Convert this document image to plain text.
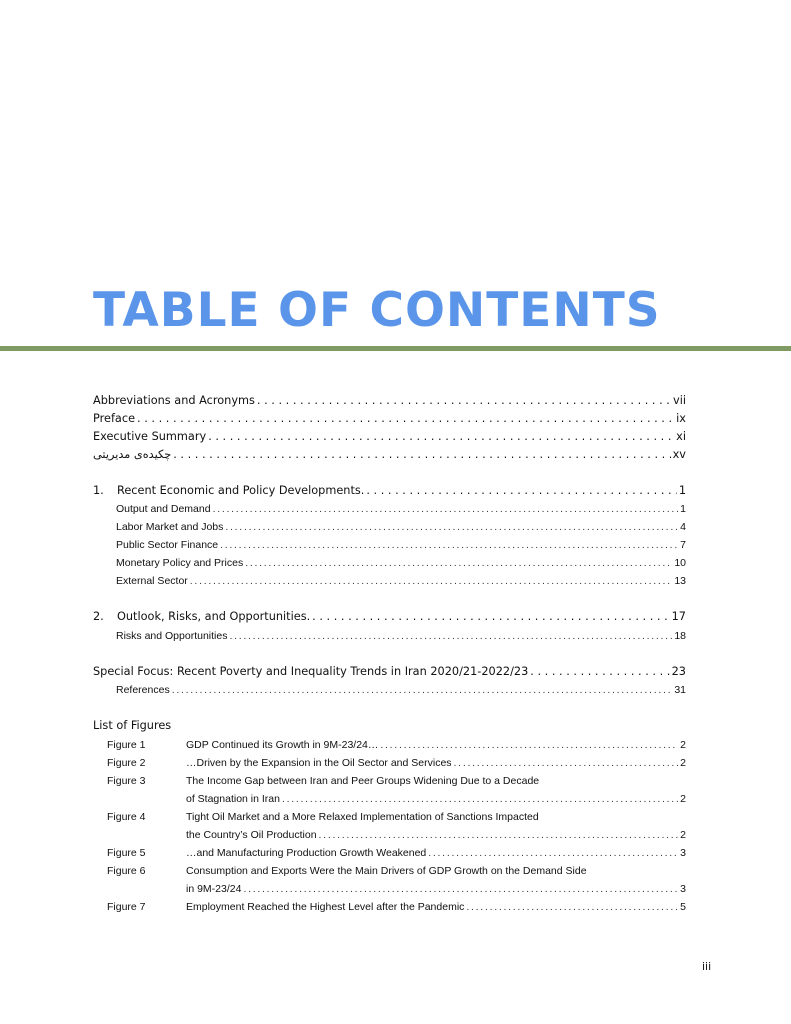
TABLE OF CONTENTS
Abbreviations and Acronyms . . .	vii
Preface . . .	ix
Executive Summary . . .	xi
چکیده‌ی مدیریتی . . .	xv
1.	Recent Economic and Policy Developments. . . .	1
Output and Demand . . .	1
Labor Market and Jobs . . .	4
Public Sector Finance . . .	7
Monetary Policy and Prices . . .	10
External Sector . . .	13
2.	Outlook, Risks, and Opportunities. . . .	17
Risks and Opportunities . . .	18
Special Focus: Recent Poverty and Inequality Trends in Iran 2020/21-2022/23 . . .	23
References . . .	31
List of Figures
Figure 1	GDP Continued its Growth in 9M-23/24… . . .	2
Figure 2	…Driven by the Expansion in the Oil Sector and Services . . .	2
Figure 3	The Income Gap between Iran and Peer Groups Widening Due to a Decade
of Stagnation in Iran . . .	2
Figure 4	Tight Oil Market and a More Relaxed Implementation of Sanctions Impacted
the Country’s Oil Production . . .	2
Figure 5	…and Manufacturing Production Growth Weakened . . .	3
Figure 6	Consumption and Exports Were the Main Drivers of GDP Growth on the Demand Side
in 9M-23/24 . . .	3
Figure 7	Employment Reached the Highest Level after the Pandemic . . .	5
iii
